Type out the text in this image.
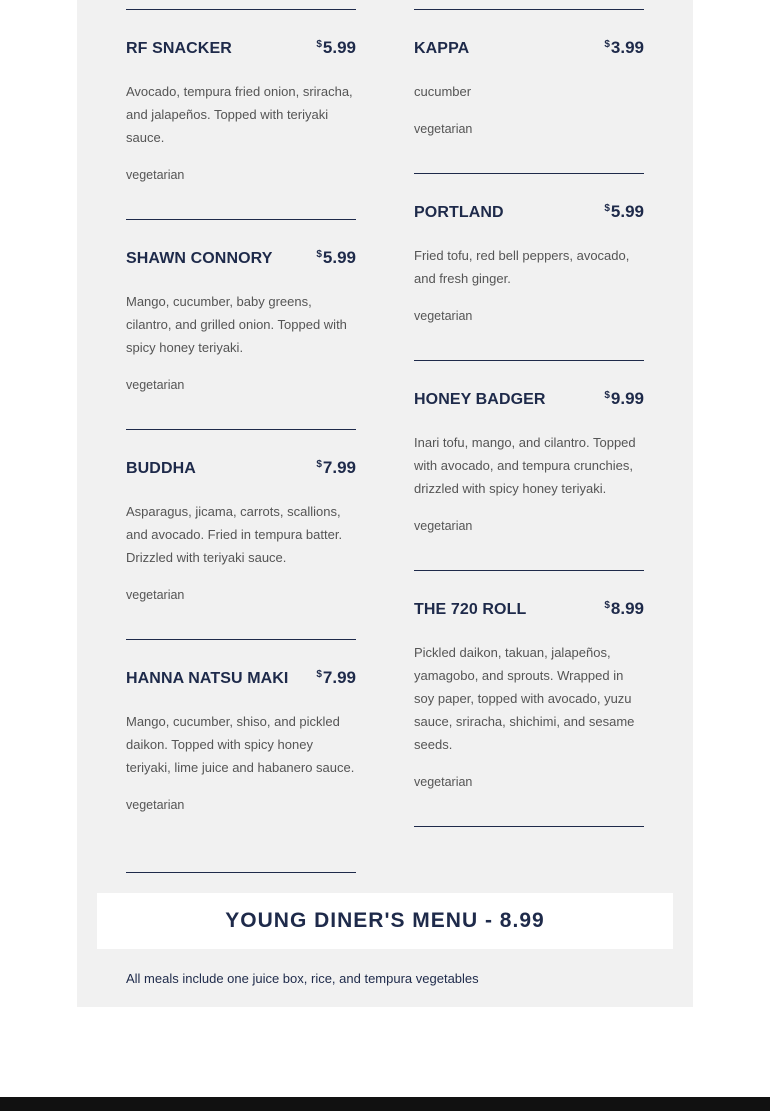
RF SNACKER	$5.99
Avocado, tempura fried onion, sriracha, and jalapeños. Topped with teriyaki sauce.
vegetarian
SHAWN CONNORY	$5.99
Mango, cucumber, baby greens, cilantro, and grilled onion. Topped with spicy honey teriyaki.
vegetarian
BUDDHA	$7.99
Asparagus, jicama, carrots, scallions, and avocado. Fried in tempura batter. Drizzled with teriyaki sauce.
vegetarian
HANNA NATSU MAKI	$7.99
Mango, cucumber, shiso, and pickled daikon. Topped with spicy honey teriyaki, lime juice and habanero sauce.
vegetarian
KAPPA	$3.99
cucumber
vegetarian
PORTLAND	$5.99
Fried tofu, red bell peppers, avocado, and fresh ginger.
vegetarian
HONEY BADGER	$9.99
Inari tofu, mango, and cilantro. Topped with avocado, and tempura crunchies, drizzled with spicy honey teriyaki.
vegetarian
THE 720 ROLL	$8.99
Pickled daikon, takuan, jalapeños, yamagobo, and sprouts. Wrapped in soy paper, topped with avocado, yuzu sauce, sriracha, shichimi, and sesame seeds.
vegetarian
YOUNG DINER'S MENU - 8.99
All meals include one juice box, rice, and tempura vegetables
